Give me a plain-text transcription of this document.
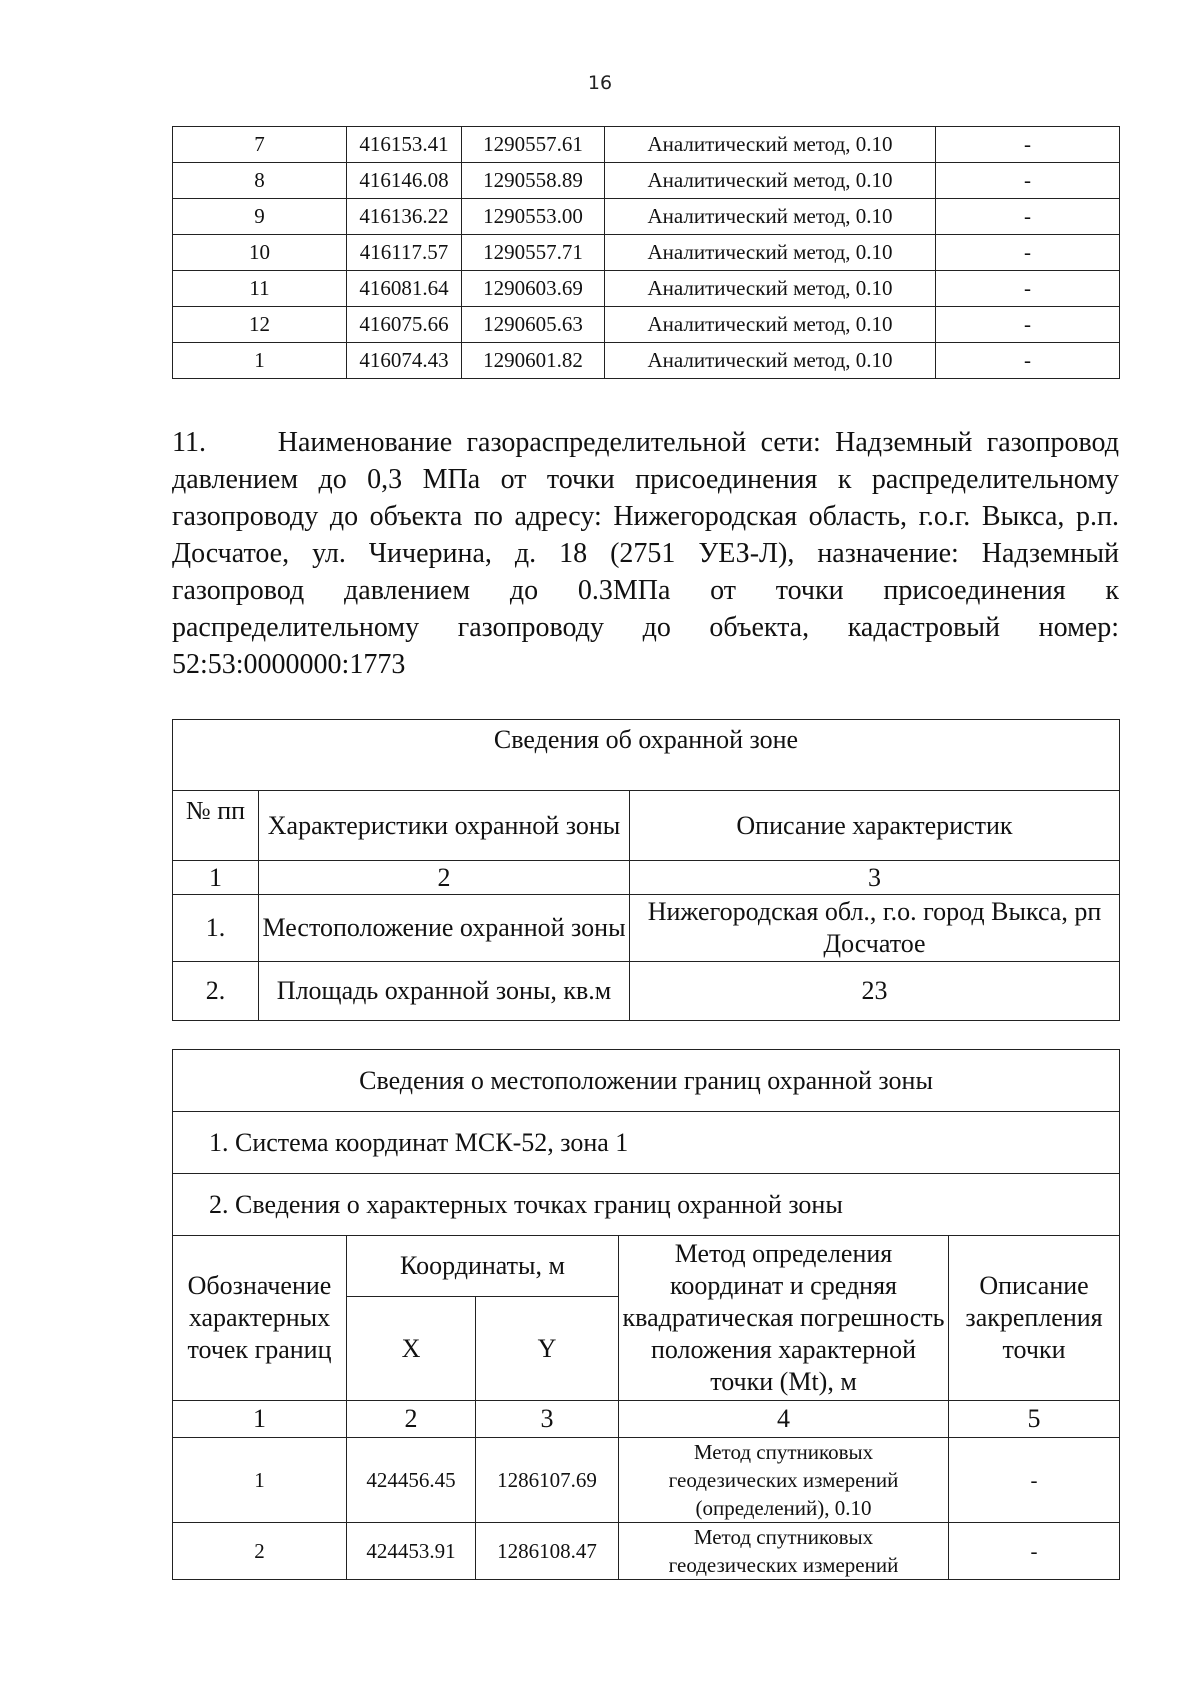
16
7	416153.41	1290557.61	Аналитический метод, 0.10	-
8	416146.08	1290558.89	Аналитический метод, 0.10	-
9	416136.22	1290553.00	Аналитический метод, 0.10	-
10	416117.57	1290557.71	Аналитический метод, 0.10	-
11	416081.64	1290603.69	Аналитический метод, 0.10	-
12	416075.66	1290605.63	Аналитический метод, 0.10	-
1	416074.43	1290601.82	Аналитический метод, 0.10	-

11.     Наименование газораспределительной сети: Надземный газопровод давлением до 0,3 МПа от точки присоединения к распределительному газопроводу до объекта по адресу: Нижегородская область, г.о.г. Выкса, р.п. Досчатое, ул. Чичерина, д. 18 (2751 УЕЗ-Л), назначение: Надземный газопровод давлением до 0.3МПа от точки присоединения к распределительному газопроводу до объекта, кадастровый номер: 52:53:0000000:1773

Сведения об охранной зоне		
№ пп	Характеристики охранной зоны	Описание характеристик
1	2	3
1.	Местоположение охранной зоны	Нижегородская обл., г.о. город Выкса, рп Досчатое
2.	Площадь охранной зоны, кв.м	23
Сведения о местоположении границ охранной зоны				
1. Система координат МСК-52, зона 1				
2. Сведения о характерных точках границ охранной зоны				
Обозначение характерных точек границ	Координаты, м		Метод определения координат и средняя квадратическая погрешность положения характерной точки (Mt), м	Описание закрепления точки
	X	Y		
1	2	3	4	5
1	424456.45	1286107.69	Метод спутниковых геодезических измерений (определений), 0.10	-
2	424453.91	1286108.47	Метод спутниковых геодезических измерений	-
